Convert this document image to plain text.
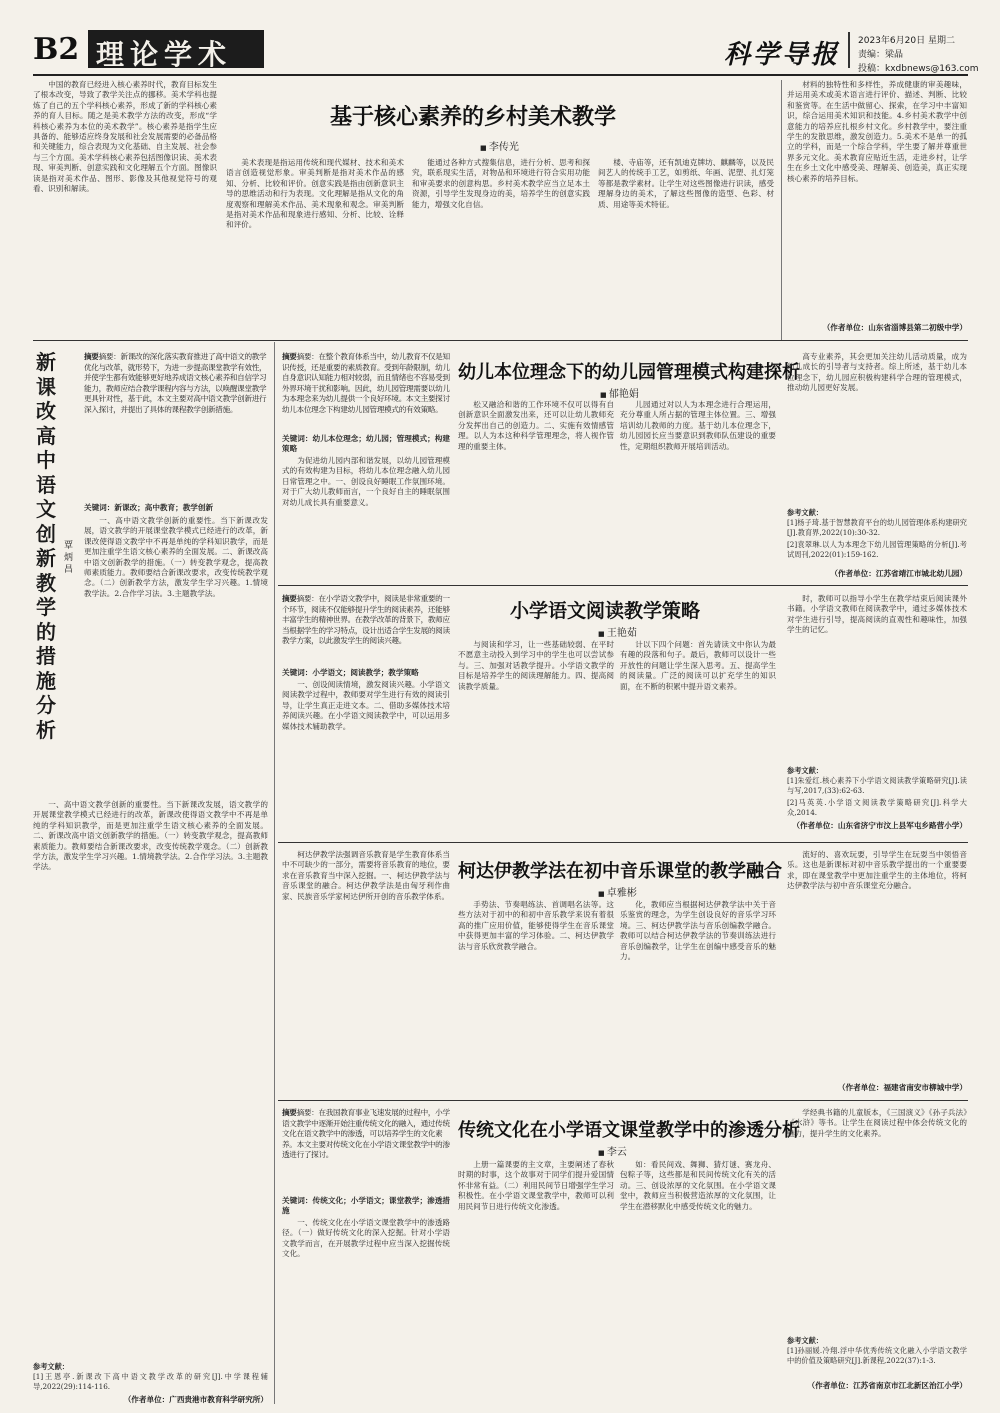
B2 理论学术	科学导报 2023年6月20日 星期二
责编：梁晶
投稿：kxdbnews@163.com

中国的教育已经进入核心素养时代，教育目标发生了根本改变，导致了教学关注点的挪移。美术学科也提炼了自己的五个学科核心素养，形成了新的学科核心素养的育人目标。随之是美术教学方法的改变，形成“学科核心素养为本位的美术教学”。核心素养是指学生应具备的、能够适应终身发展和社会发展需要的必备品格和关键能力，综合表现为文化基础、自主发展、社会参与三个方面。美术学科核心素养包括图像识读、美术表现、审美判断、创意实践和文化理解五个方面。图像识读是指对美术作品、图形、影像及其他视觉符号的观看、识别和解读。

基于核心素养的乡村美术教学
■ 李传光

美术表现是指运用传统和现代媒材、技术和美术语言创造视觉形象。审美判断是指对美术作品的感知、分析、比较和评价。创意实践是指由创新意识主导的思维活动和行为表现。文化理解是指从文化的角度观察和理解美术作品、美术现象和观念。审美判断是指对美术作品和现象进行感知、分析、比较、诠释和评价。

能通过各种方式搜集信息，进行分析、思考和探究，联系现实生活，对物品和环境进行符合实用功能和审美要求的创意构思。乡村美术教学应当立足本土资源，引导学生发现身边的美，培养学生的创意实践能力，增强文化自信。

楼、寺庙等，还有凯迪克牌坊、麒麟等，以及民间艺人的传统手工艺，如剪纸、年画、泥塑、扎灯笼等都是教学素材。让学生对这些图像进行识读，感受理解身边的美术，了解这些图像的造型、色彩、材质、用途等美术特征。

材料的独特性和多样性，养成健康的审美趣味，并运用美术或美术语言进行评价、描述、判断、比较和鉴赏等。在生活中做留心、探索，在学习中丰富知识，综合运用美术知识和技能。4.乡村美术教学中创意能力的培养应扎根乡村文化。乡村教学中，要注重学生的发散思维，激发创造力。5.美术不是单一的孤立的学科，而是一个综合学科，学生要了解并尊重世界多元文化。美术教育应贴近生活，走进乡村，让学生在乡土文化中感受美、理解美、创造美，真正实现核心素养的培养目标。

（作者单位：山东省淄博县第二初级中学）
新
课
改
高
中
语
文
创
新
教
学
的
措
施
分
析
覃炳昌
摘要摘要：新课改的深化落实教育推进了高中语文的教学优化与改革，就形势下，为进一步提高课堂教学有效性，并使学生都有效能够更好地养成语文核心素养和自信学习能力，教师应结合教学课程内容与方法，以唤醒课堂教学更具针对性，基于此，本文主要对高中语文教学创新进行深入探讨，并提出了具体的课程教学创新措施。
关键词：新课改；高中教育；教学创新

一、高中语文教学创新的重要性。当下新课改发展，语文教学的开展课堂教学模式已经进行的改革，新课改使得语文教学中不再是单纯的学科知识教学，而是更加注重学生语文核心素养的全面发展。二、新课改高中语文创新教学的措施。（一）转变教学观念，提高教师素质能力。教师要结合新课改要求，改变传统教学观念。（二）创新教学方法，激发学生学习兴趣。1.情境教学法。2.合作学习法。3.主题教学法。

一、高中语文教学创新的重要性。当下新课改发展，语文教学的开展课堂教学模式已经进行的改革，新课改使得语文教学中不再是单纯的学科知识教学，而是更加注重学生语文核心素养的全面发展。二、新课改高中语文创新教学的措施。（一）转变教学观念，提高教师素质能力。教师要结合新课改要求，改变传统教学观念。（二）创新教学方法，激发学生学习兴趣。1.情境教学法。2.合作学习法。3.主题教学法。

参考文献：
[1]王恩亭.新课改下高中语文教学改革的研究[J].中学课程辅导,2022(29):114-116.
（作者单位：广西贵港市教育科学研究所）
摘要摘要：在整个教育体系当中，幼儿教育不仅是知识传授，还是重要的素质教育。受到年龄限制，幼儿自身意识认知能力相对较弱，而且情绪也不容易受到外界环境干扰和影响。因此，幼儿园管理需要以幼儿为本理念来为幼儿提供一个良好环境。本文主要探讨幼儿本位理念下构建幼儿园管理模式的有效策略。
关键词：幼儿本位理念；幼儿园；管理模式；构建策略

为促进幼儿园内部和谐发展，以幼儿园管理模式的有效构建为目标，将幼儿本位理念融入幼儿园日常管理之中。一、创设良好睡眠工作氛围环境。对于广大幼儿教师而言，一个良好自主的睡眠氛围对幼儿成长具有重要意义。

幼儿本位理念下的幼儿园管理模式构建探析
■ 郁艳娟

松又融洽和谐的工作环境不仅可以得有自创新意识全面激发出来，还可以让幼儿教师充分发挥出自己的创造力。二、实施有效情感管理。以人为本这种科学管理理念，将人视作管理的重要主体。

儿园通过对以人为本理念进行合理运用，充分尊重人所占据的管理主体位置。三、增强培训幼儿教师的力度。基于幼儿本位理念下，幼儿园园长应当要意识到教师队伍建设的重要性，定期组织教师开展培训活动。

高专业素养，其会更加关注幼儿活动质量，成为幼儿成长的引导者与支持者。综上所述，基于幼儿本位理念下，幼儿园应积极构建科学合理的管理模式，推动幼儿园更好发展。

参考文献：
[1]杨子琦.基于智慧教育平台的幼儿园管理体系构建研究[J].教育界,2022(10):30-32.
[2]袁翠琳.以人为本理念下幼儿园管理策略的分析[J].考试周刊,2022(01):159-162.
（作者单位：江苏省靖江市城北幼儿园）
小学语文阅读教学策略
■ 王艳茹
摘要摘要：在小学语文教学中，阅读是非常重要的一个环节，阅读不仅能够提升学生的阅读素养，还能够丰富学生的精神世界。在教学改革的背景下，教师应当根据学生的学习特点，设计出适合学生发展的阅读教学方案，以此激发学生的阅读兴趣。
关键词：小学语文；阅读教学；教学策略

一、创设阅读情境，激发阅读兴趣。小学语文阅读教学过程中，教师要对学生进行有效的阅读引导，让学生真正走进文本。二、借助多媒体技术培养阅读兴趣。在小学语文阅读教学中，可以运用多媒体技术辅助教学。

与阅读和学习，让一些基础较弱、在平时不愿意主动投入到学习中的学生也可以尝试参与。三、加强对话教学提升。小学语文教学的目标是培养学生的阅读理解能力。四、提高阅读教学质量。

计以下四个问题：首先请读文中你认为最有趣的段落和句子。最后，教师可以设计一些开放性的问题让学生深入思考。五、提高学生的阅读量。广泛的阅读可以扩充学生的知识面，在不断的积累中提升语文素养。

时，教师可以指导小学生在教学结束后阅读课外书籍。小学语文教师在阅读教学中，通过多媒体技术对学生进行引导，提高阅读的直观性和趣味性，加强学生的记忆。

参考文献：
[1]朱爱红.核心素养下小学语文阅读教学策略研究[J].读与写,2017,(33):62-63.
[2]马英英.小学语文阅读教学策略研究[J].科学大众,2014.
（作者单位：山东省济宁市汶上县军屯乡路营小学）

柯达伊教学法强调音乐教育是学生教育体系当中不可缺少的一部分，需要将音乐教育的地位，要求在音乐教育当中深入挖掘。一、柯达伊教学法与音乐课堂的融合。柯达伊教学法是由匈牙利作曲家、民族音乐学家柯达伊所开创的音乐教学体系。

柯达伊教学法在初中音乐课堂的教学融合
■ 卓雅彬

手势法、节奏唱练法、首调唱名法等。这些方法对于初中的和初中音乐教学来说有着很高的推广应用价值，能够使得学生在音乐课堂中获得更加丰富的学习体验。二、柯达伊教学法与音乐欣赏教学融合。

化，教师应当根据柯达伊教学法中关于音乐鉴赏的理念，为学生创设良好的音乐学习环境。三、柯达伊教学法与音乐创编教学融合。教师可以结合柯达伊教学法的节奏训练法进行音乐创编教学，让学生在创编中感受音乐的魅力。

流好的、喜欢玩要，引导学生在玩耍当中领悟音乐。这也是新课标对初中音乐教学提出的一个重要要求，即在课堂教学中更加注重学生的主体地位，将柯达伊教学法与初中音乐课堂充分融合。

（作者单位：福建省南安市柳城中学）
摘要摘要：在我国教育事业飞速发展的过程中，小学语文教学中逐渐开始注重传统文化的融入，通过传统文化在语文教学中的渗透，可以培养学生的文化素养。本文主要对传统文化在小学语文课堂教学中的渗透进行了探讨。
关键词：传统文化；小学语文；课堂教学；渗透措施

一、传统文化在小学语文课堂教学中的渗透路径。（一）做好传统文化的深入挖掘。针对小学语文教学而言，在开展教学过程中应当深入挖掘传统文化。

传统文化在小学语文课堂教学中的渗透分析
■ 李云

上册一篇课要的主文章，主要阐述了春秋时期的时事，这个故事对于同学们提升爱国情怀非常有益。（二）利用民间节日增强学生学习积极性。在小学语文课堂教学中，教师可以利用民间节日进行传统文化渗透。

如：看民间戏、舞狮、猜灯谜、赛龙舟、包粽子等，这些都是和民间传统文化有关的活动。三、创设浓厚的文化氛围。在小学语文课堂中，教师应当积极营造浓厚的文化氛围，让学生在潜移默化中感受传统文化的魅力。

学经典书籍的儿童版本，《三国演义》《孙子兵法》《水浒》等书。让学生在阅读过程中体会传统文化的魅力，提升学生的文化素养。

参考文献：
[1]孙丽媛.冷翔.浮中华优秀传统文化融入小学语文教学中的价值及策略研究[J].新课程,2022(37):1-3.
（作者单位：江苏省南京市江北新区治江小学）
